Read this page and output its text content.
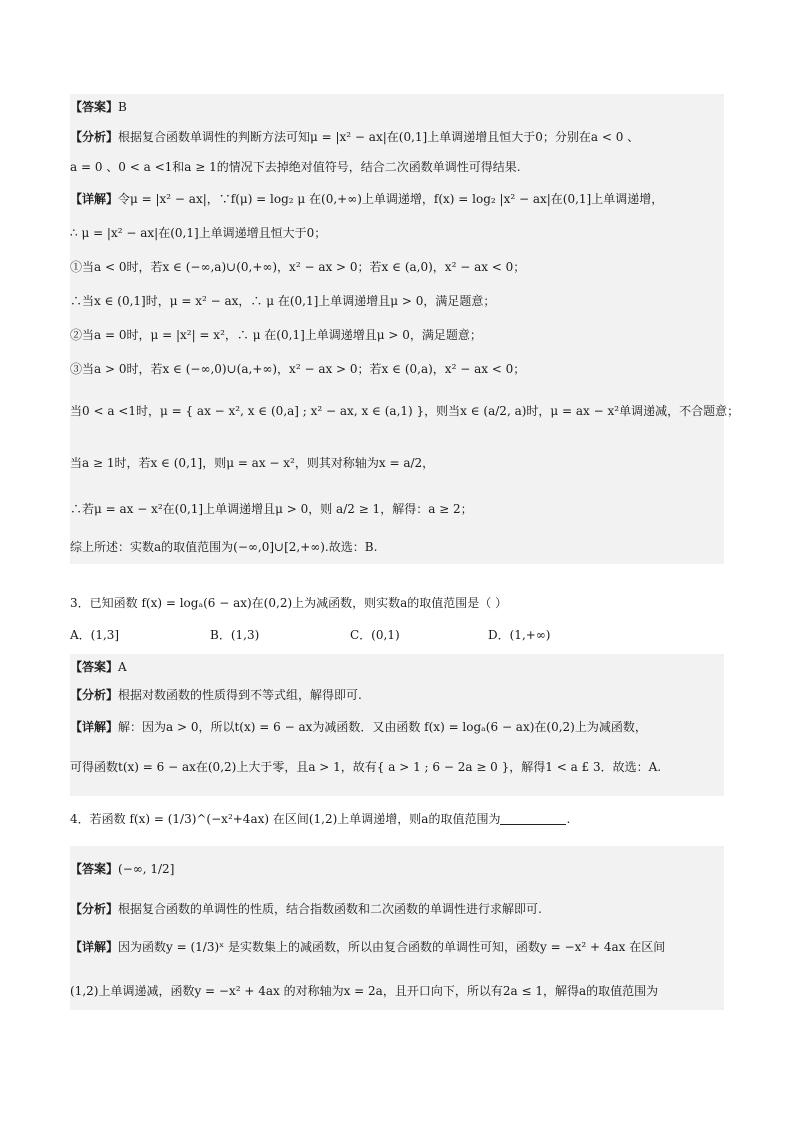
【答案】B
【分析】根据复合函数单调性的判断方法可知μ = |x² − ax|在(0,1]上单调递增且恒大于0；分别在a < 0 、
a = 0 、0 < a <1和a ≥ 1的情况下去掉绝对值符号，结合二次函数单调性可得结果.
【详解】令μ = |x² − ax|，∵f(μ) = log₂ μ 在(0,+∞)上单调递增，f(x) = log₂ |x² − ax|在(0,1]上单调递增，
∴ μ = |x² − ax|在(0,1]上单调递增且恒大于0；
①当a < 0时，若x ∈ (−∞,a)∪(0,+∞)，x² − ax > 0；若x ∈ (a,0)，x² − ax < 0；
∴当x ∈ (0,1]时，μ = x² − ax，∴ μ 在(0,1]上单调递增且μ > 0，满足题意；
②当a = 0时，μ = |x²| = x²，∴ μ 在(0,1]上单调递增且μ > 0，满足题意；
③当a > 0时，若x ∈ (−∞,0)∪(a,+∞)，x² − ax > 0；若x ∈ (0,a)，x² − ax < 0；
当0 < a <1时，μ = { ax − x², x ∈ (0,a] ; x² − ax, x ∈ (a,1) }，则当x ∈ (a/2, a)时，μ = ax − x²单调递减，不合题意；
当a ≥ 1时，若x ∈ (0,1]，则μ = ax − x²，则其对称轴为x = a/2，
∴若μ = ax − x²在(0,1]上单调递增且μ > 0，则 a/2 ≥ 1，解得：a ≥ 2；
综上所述：实数a的取值范围为(−∞,0]∪[2,+∞).故选：B.
3．已知函数 f(x) = logₐ(6 − ax)在(0,2)上为减函数，则实数a的取值范围是（ ）
A．(1,3]	B．(1,3)	C．(0,1)	D．(1,+∞)
【答案】A
【分析】根据对数函数的性质得到不等式组，解得即可.
【详解】解：因为a > 0，所以t(x) = 6 − ax为减函数．又由函数 f(x) = logₐ(6 − ax)在(0,2)上为减函数，
可得函数t(x) = 6 − ax在(0,2)上大于零，且a > 1，故有{ a > 1 ; 6 − 2a ≥ 0 }，解得1 < a £ 3．故选：A.
4．若函数 f(x) = (1/3)^(−x²+4ax) 在区间(1,2)上单调递增，则a的取值范围为	.
【答案】(−∞, 1/2]
【分析】根据复合函数的单调性的性质，结合指数函数和二次函数的单调性进行求解即可.
【详解】因为函数y = (1/3)ˣ 是实数集上的减函数，所以由复合函数的单调性可知，函数y = −x² + 4ax 在区间
(1,2)上单调递减，函数y = −x² + 4ax 的对称轴为x = 2a，且开口向下，所以有2a ≤ 1，解得a的取值范围为
